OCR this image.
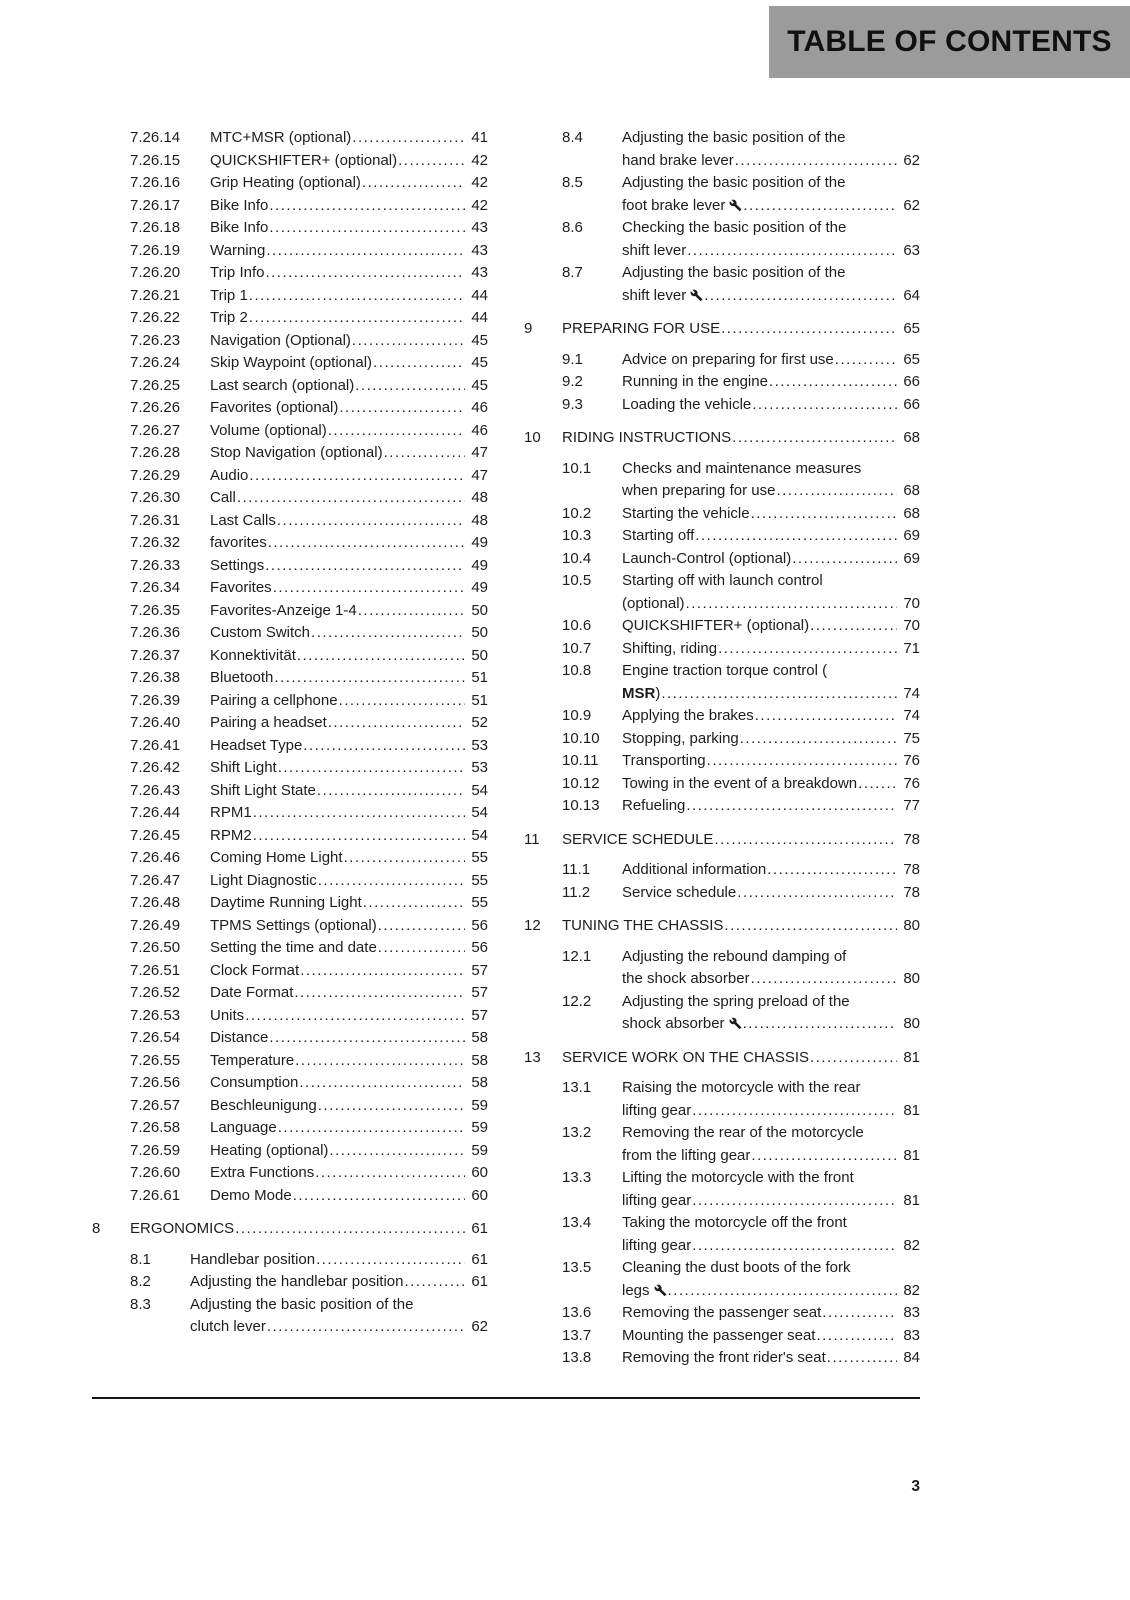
TABLE OF CONTENTS
7.26.14	MTC+MSR (optional)	41
7.26.15	QUICKSHIFTER+ (optional)	42
7.26.16	Grip Heating (optional)	42
7.26.17	Bike Info	42
7.26.18	Bike Info	43
7.26.19	Warning	43
7.26.20	Trip Info	43
7.26.21	Trip 1	44
7.26.22	Trip 2	44
7.26.23	Navigation (Optional)	45
7.26.24	Skip Waypoint (optional)	45
7.26.25	Last search (optional)	45
7.26.26	Favorites (optional)	46
7.26.27	Volume (optional)	46
7.26.28	Stop Navigation (optional)	47
7.26.29	Audio	47
7.26.30	Call	48
7.26.31	Last Calls	48
7.26.32	favorites	49
7.26.33	Settings	49
7.26.34	Favorites	49
7.26.35	Favorites-Anzeige 1-4	50
7.26.36	Custom Switch	50
7.26.37	Konnektivität	50
7.26.38	Bluetooth	51
7.26.39	Pairing a cellphone	51
7.26.40	Pairing a headset	52
7.26.41	Headset Type	53
7.26.42	Shift Light	53
7.26.43	Shift Light State	54
7.26.44	RPM1	54
7.26.45	RPM2	54
7.26.46	Coming Home Light	55
7.26.47	Light Diagnostic	55
7.26.48	Daytime Running Light	55
7.26.49	TPMS Settings (optional)	56
7.26.50	Setting the time and date	56
7.26.51	Clock Format	57
7.26.52	Date Format	57
7.26.53	Units	57
7.26.54	Distance	58
7.26.55	Temperature	58
7.26.56	Consumption	58
7.26.57	Beschleunigung	59
7.26.58	Language	59
7.26.59	Heating (optional)	59
7.26.60	Extra Functions	60
7.26.61	Demo Mode	60
8	ERGONOMICS	61
8.1	Handlebar position	61
8.2	Adjusting the handlebar position	61
8.3	Adjusting the basic position of the
clutch lever	62
8.4	Adjusting the basic position of the
hand brake lever	62
8.5	Adjusting the basic position of the
foot brake lever	62
8.6	Checking the basic position of the
shift lever	63
8.7	Adjusting the basic position of the
shift lever	64
9	PREPARING FOR USE	65
9.1	Advice on preparing for first use	65
9.2	Running in the engine	66
9.3	Loading the vehicle	66
10	RIDING INSTRUCTIONS	68
10.1	Checks and maintenance measures
when preparing for use	68
10.2	Starting the vehicle	68
10.3	Starting off	69
10.4	Launch-Control (optional)	69
10.5	Starting off with launch control
(optional)	70
10.6	QUICKSHIFTER+ (optional)	70
10.7	Shifting, riding	71
10.8	Engine traction torque control (
MSR)	74
10.9	Applying the brakes	74
10.10	Stopping, parking	75
10.11	Transporting	76
10.12	Towing in the event of a breakdown	76
10.13	Refueling	77
11	SERVICE SCHEDULE	78
11.1	Additional information	78
11.2	Service schedule	78
12	TUNING THE CHASSIS	80
12.1	Adjusting the rebound damping of
the shock absorber	80
12.2	Adjusting the spring preload of the
shock absorber	80
13	SERVICE WORK ON THE CHASSIS	81
13.1	Raising the motorcycle with the rear
lifting gear	81
13.2	Removing the rear of the motorcycle
from the lifting gear	81
13.3	Lifting the motorcycle with the front
lifting gear	81
13.4	Taking the motorcycle off the front
lifting gear	82
13.5	Cleaning the dust boots of the fork
legs	82
13.6	Removing the passenger seat	83
13.7	Mounting the passenger seat	83
13.8	Removing the front rider's seat	84
3
